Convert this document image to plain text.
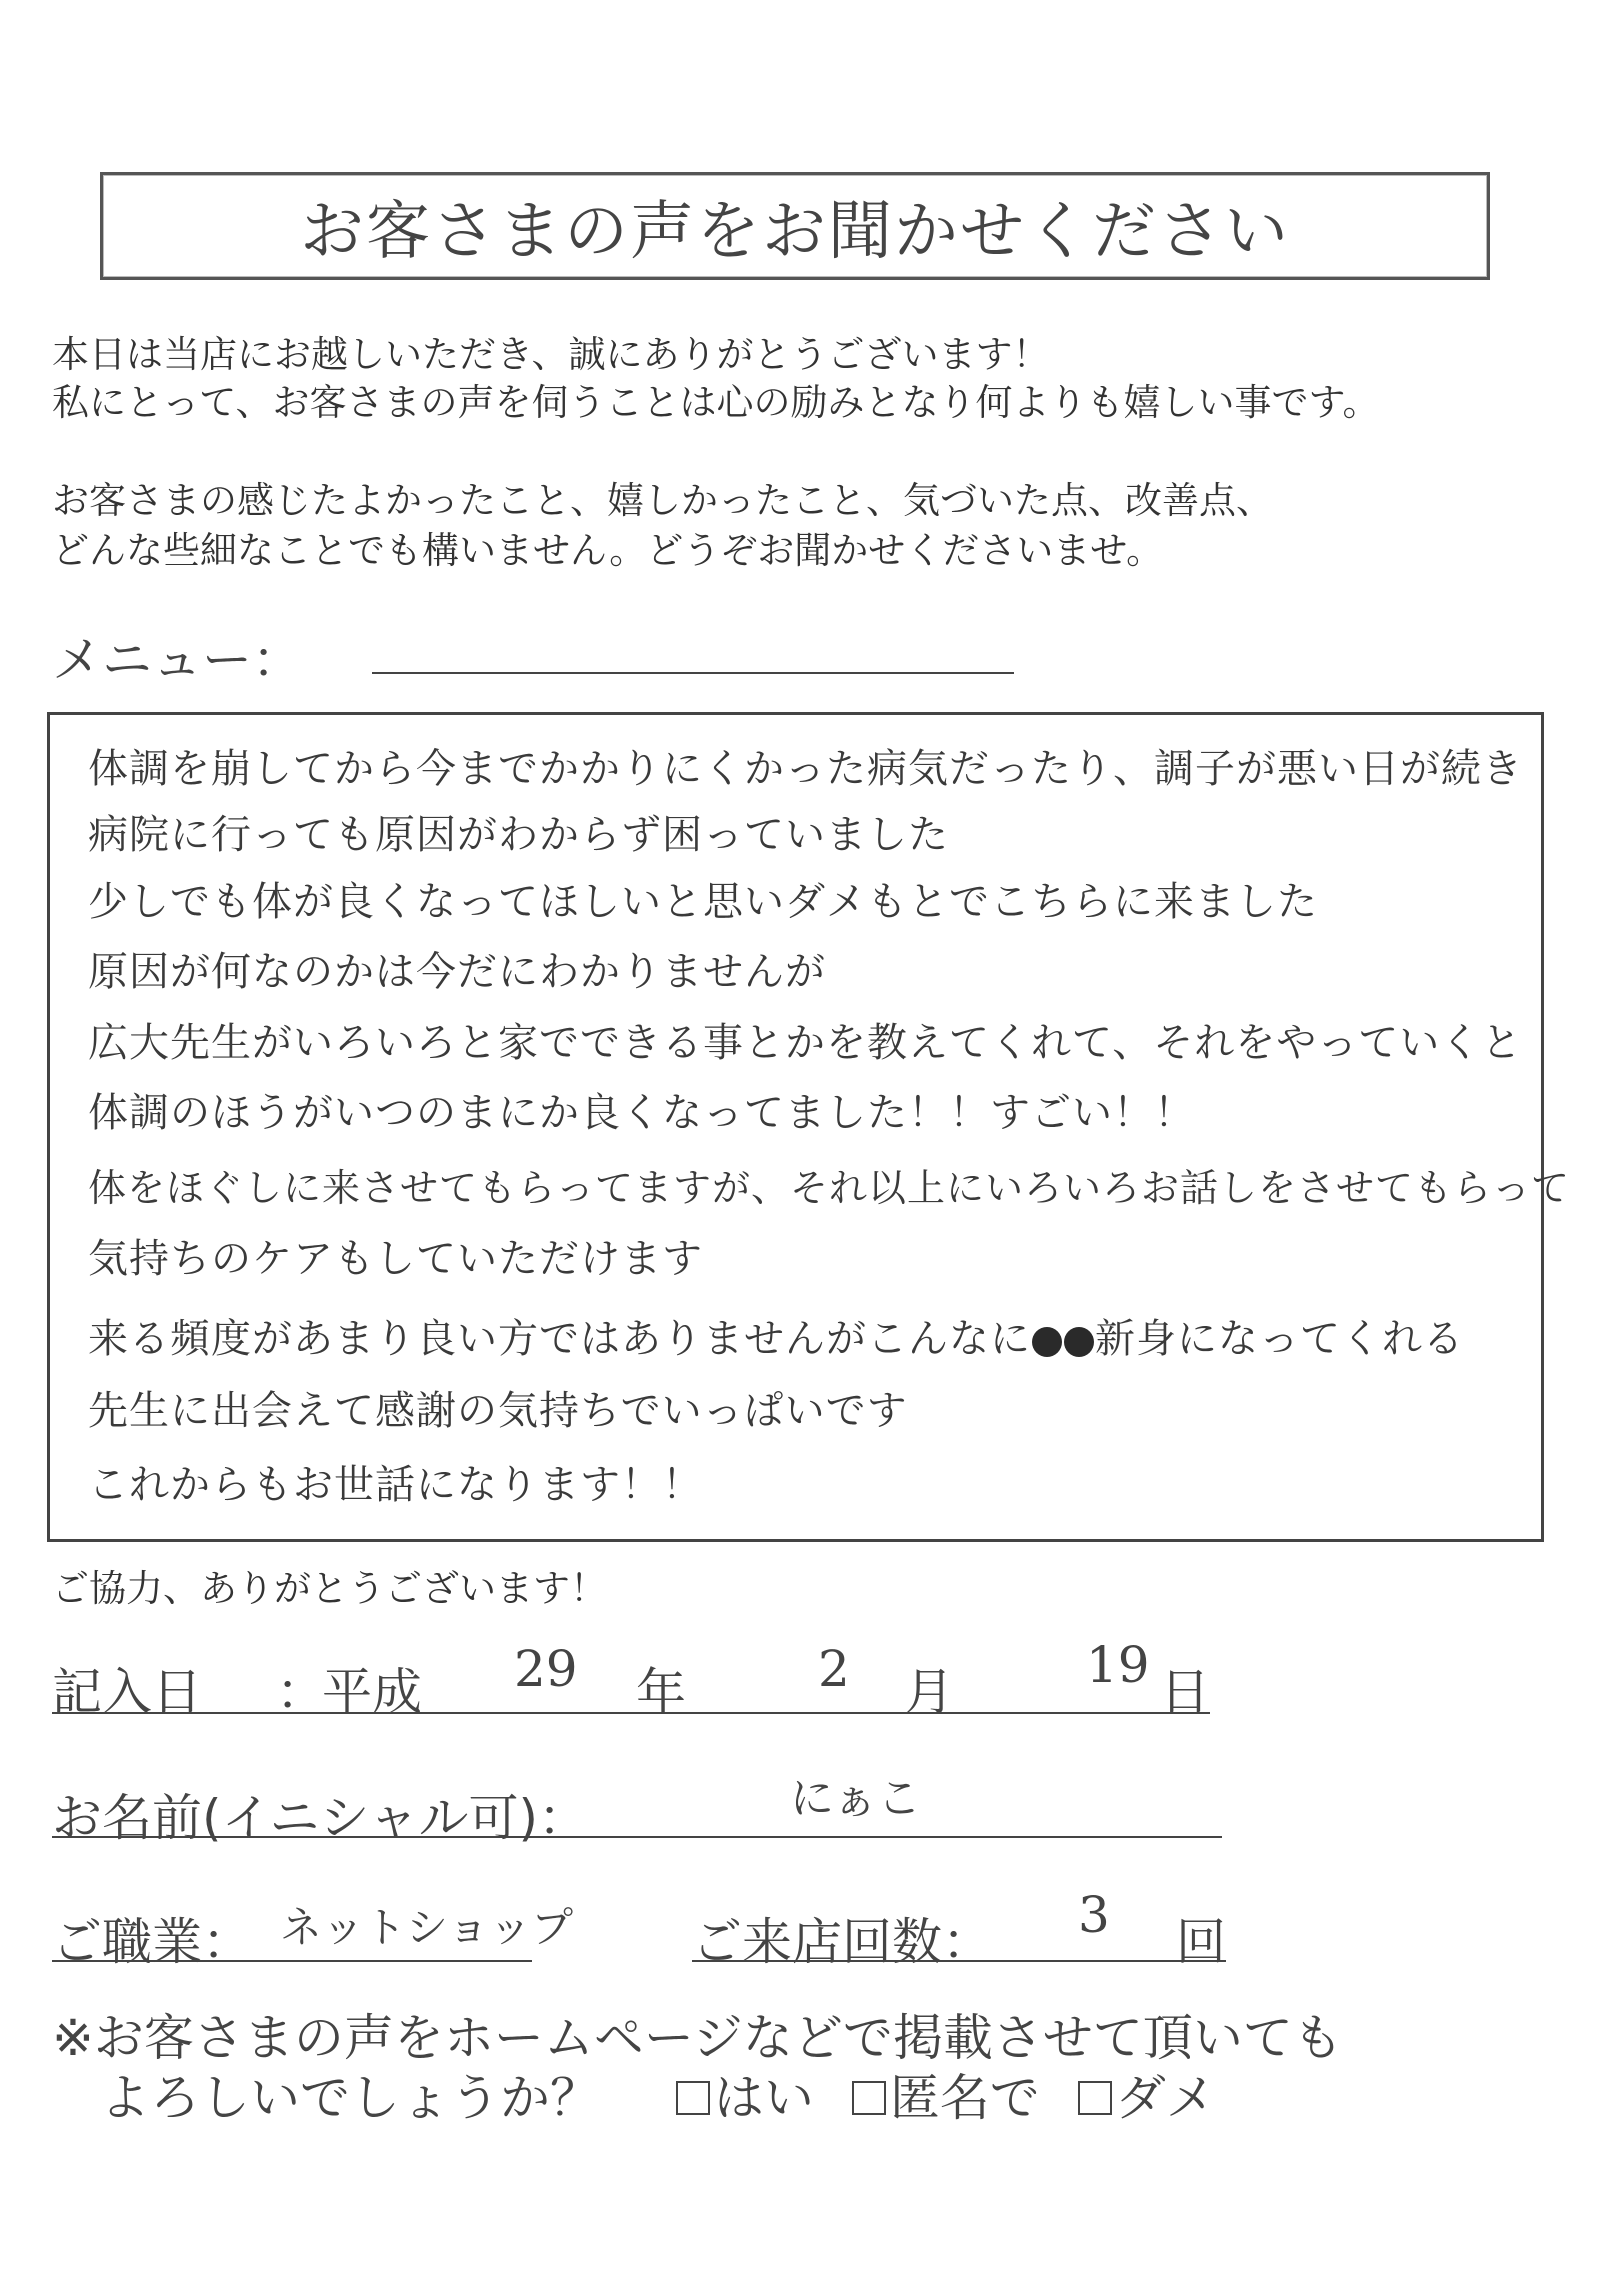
お客さまの声をお聞かせください
本日は当店にお越しいただき、誠にありがとうございます！
私にとって、お客さまの声を伺うことは心の励みとなり何よりも嬉しい事です。
お客さまの感じたよかったこと、嬉しかったこと、気づいた点、改善点、
どんな些細なことでも構いません。どうぞお聞かせくださいませ。
メニュー：
体調を崩してから今までかかりにくかった病気だったり、調子が悪い日が続き
病院に行っても原因がわからず困っていました
少しでも体が良くなってほしいと思いダメもとでこちらに来ました
原因が何なのかは今だにわかりませんが
広大先生がいろいろと家でできる事とかを教えてくれて、それをやっていくと
体調のほうがいつのまにか良くなってました！！すごい！！
体をほぐしに来させてもらってますが、それ以上にいろいろお話しをさせてもらって
気持ちのケアもしていただけます
来る頻度があまり良い方ではありませんがこんなに 新身になってくれる
先生に出会えて感謝の気持ちでいっぱいです
これからもお世話になります！！
ご協力、ありがとうございます！
記入日 ：
平成 29 年	2 月	19 日
お名前(イニシャル可)：	にぁこ
ご職業： ネットショップ ご来店回数： 3 回
※お客さまの声をホームページなどで掲載させて頂いても
よろしいでしょうか？ はい 匿名で ダメ
